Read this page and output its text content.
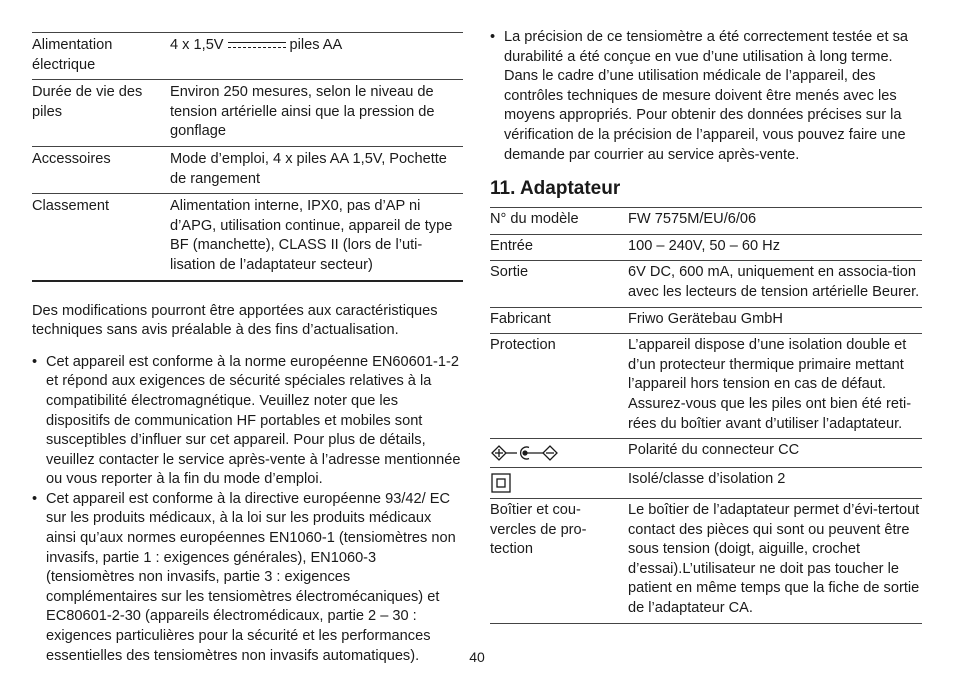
Alimentation électrique	4 x 1,5V piles AA
Durée de vie des piles	Environ 250 mesures, selon le niveau de tension artérielle ainsi que la pression de gonflage
Accessoires	Mode d’emploi, 4 x piles AA 1,5V, Pochette de rangement
Classement	Alimentation interne, IPX0, pas d’AP ni d’APG, utilisation continue, appareil de type BF (manchette), CLASS II (lors de l’uti-lisation de l’adaptateur secteur)

Des modifications pourront être apportées aux caractéristiques techniques sans avis préalable à des fins d’actualisation.

• Cet appareil est conforme à la norme européenne EN60601-1-2 et répond aux exigences de sécurité spéciales relatives à la compatibilité électromagnétique. Veuillez noter que les dispositifs de communication HF portables et mobiles sont susceptibles d’influer sur cet appareil. Pour plus de détails, veuillez contacter le service après-vente à l’adresse mentionnée ou vous reporter à la fin du mode d’emploi.
• Cet appareil est conforme à la directive européenne 93/42/ EC sur les produits médicaux, à la loi sur les produits médicaux ainsi qu’aux normes européennes EN1060-1 (tensiomètres non invasifs, partie 1 : exigences générales), EN1060-3 (tensiomètres non invasifs, partie 3 : exigences complémentaires sur les tensiomètres électromécaniques) et EC80601-2-30 (appareils électromédicaux, partie 2 – 30 : exigences particulières pour la sécurité et les performances essentielles des tensiomètres non invasifs automatiques).
• La précision de ce tensiomètre a été correctement testée et sa durabilité a été conçue en vue d’une utilisation à long terme. Dans le cadre d’une utilisation médicale de l’appareil, des contrôles techniques de mesure doivent être menés avec les moyens appropriés. Pour obtenir des données précises sur la vérification de la précision de l’appareil, vous pouvez faire une demande par courrier au service après-vente.
11. Adaptateur
N° du modèle	FW 7575M/EU/6/06
Entrée	100 – 240V, 50 – 60 Hz
Sortie	6V DC, 600 mA, uniquement en associa-tion avec les lecteurs de tension artérielle Beurer.
Fabricant	Friwo Gerätebau GmbH
Protection	L’appareil dispose d’une isolation double et d’un protecteur thermique primaire mettant l’appareil hors tension en cas de défaut. Assurez-vous que les piles ont bien été reti-rées du boîtier avant d’utiliser l’adaptateur.

	Polarité du connecteur CC

	Isolé/classe d’isolation 2
Boîtier et cou-vercles de pro-tection	Le boîtier de l’adaptateur permet d’évi-tertout contact des pièces qui sont ou peuvent être sous tension (doigt, aiguille, crochet d’essai).L’utilisateur ne doit pas toucher le patient en même temps que la fiche de sortie de l’adaptateur CA.
40
